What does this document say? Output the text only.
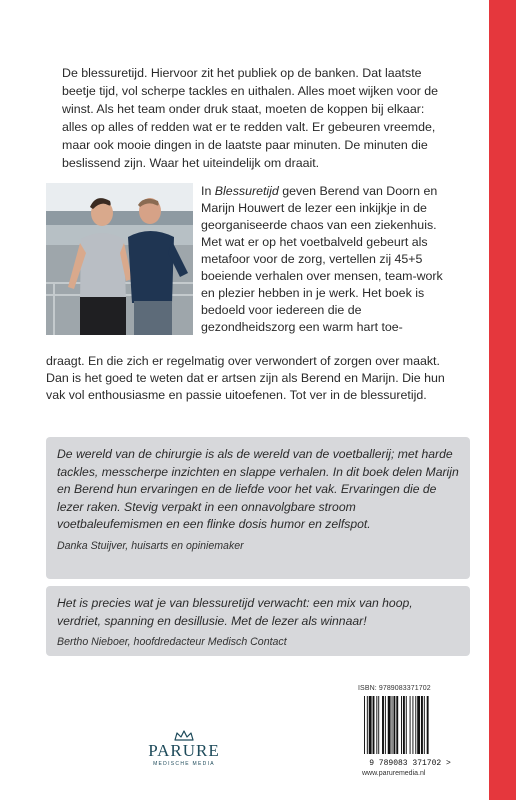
De blessuretijd. Hiervoor zit het publiek op de banken. Dat laatste beetje tijd, vol scherpe tackles en uithalen. Alles moet wijken voor de winst. Als het team onder druk staat, moeten de koppen bij elkaar: alles op alles of redden wat er te redden valt. Er gebeuren vreemde, maar ook mooie dingen in de laatste paar minuten. De minuten die beslissend zijn. Waar het uiteindelijk om draait.

In Blessuretijd geven Berend van Doorn en Marijn Houwert de lezer een inkijkje in de georganiseerde chaos van een ziekenhuis. Met wat er op het voetbalveld gebeurt als metafoor voor de zorg, vertellen zij 45+5 boeiende verhalen over mensen, team-work en plezier hebben in je werk. Het boek is bedoeld voor iedereen die de gezondheidszorg een warm hart toe-

draagt. En die zich er regelmatig over verwondert of zorgen over maakt. Dan is het goed te weten dat er artsen zijn als Berend en Marijn. Die hun vak vol enthousiasme en passie uitoefenen. Tot ver in de blessuretijd.

De wereld van de chirurgie is als de wereld van de voetballerij; met harde tackles, messcherpe inzichten en slappe verhalen. In dit boek delen Marijn en Berend hun ervaringen en de liefde voor het vak. Ervaringen die de lezer raken. Stevig verpakt in een onnavolgbare stroom voetbaleufemismen en een flinke dosis humor en zelfspot.

Danka Stuijver, huisarts en opiniemaker

Het is precies wat je van blessuretijd verwacht: een mix van hoop, verdriet, spanning en desillusie. Met de lezer als winnaar!

Bertho Nieboer, hoofdredacteur Medisch Contact

ISBN: 9789083371702
9 789083 371702 >
www.paruremedia.nl
PARURE
MEDISCHE MEDIA
